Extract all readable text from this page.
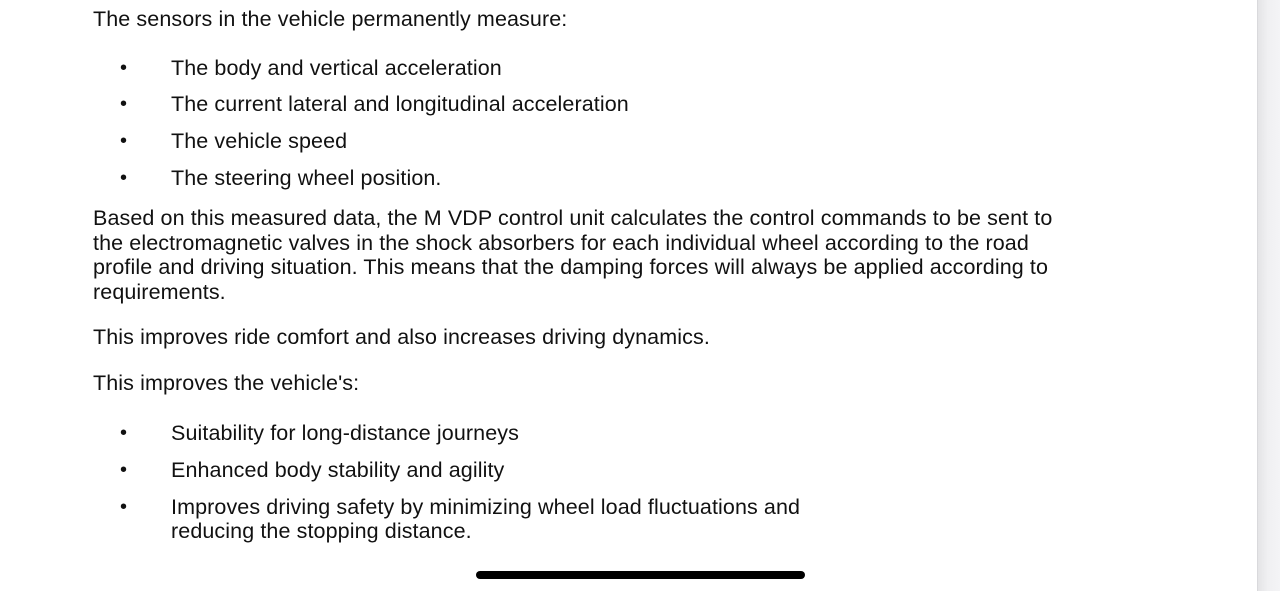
The sensors in the vehicle permanently measure:

• The body and vertical acceleration
• The current lateral and longitudinal acceleration
• The vehicle speed
• The steering wheel position.

Based on this measured data, the M VDP control unit calculates the control commands to be sent to the electromagnetic valves in the shock absorbers for each individual wheel according to the road profile and driving situation. This means that the damping forces will always be applied according to requirements.

This improves ride comfort and also increases driving dynamics.

This improves the vehicle's:

• Suitability for long-distance journeys
• Enhanced body stability and agility
• Improves driving safety by minimizing wheel load fluctuations and reducing the stopping distance.
